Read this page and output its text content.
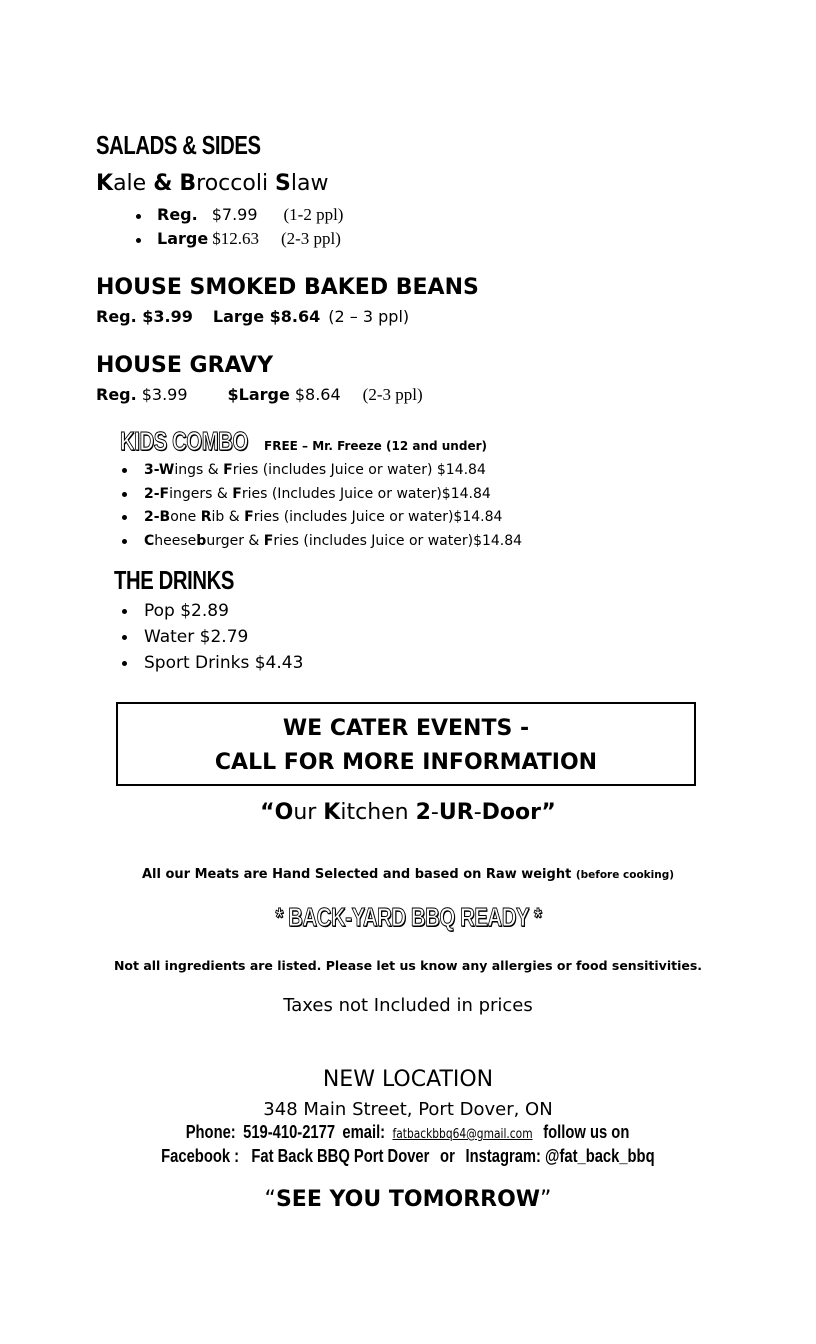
SALADS & SIDES
Kale & Broccoli Slaw
Reg. $7.99 (1-2 ppl)
Large $12.63 (2-3 ppl)
HOUSE SMOKED BAKED BEANS
Reg. $3.99 Large $8.64 (2 – 3 ppl)
HOUSE GRAVY
Reg. $3.99	$Large $8.64 (2-3 ppl)
KIDS COMBO FREE – Mr. Freeze (12 and under)
3-Wings & Fries (includes Juice or water) $14.84
2-Fingers & Fries (Includes Juice or water)$14.84
2-Bone Rib & Fries (includes Juice or water)$14.84
Cheeseburger & Fries (includes Juice or water)$14.84
THE DRINKS
Pop $2.89
Water $2.79
Sport Drinks $4.43
WE CATER EVENTS -
CALL FOR MORE INFORMATION
“Our Kitchen 2-UR-Door”
All our Meats are Hand Selected and based on Raw weight (before cooking)
* BACK-YARD BBQ READY *
Not all ingredients are listed. Please let us know any allergies or food sensitivities.
Taxes not Included in prices
NEW LOCATION
348 Main Street, Port Dover, ON
Phone: 519-410-2177 email: fatbackbbq64@gmail.com follow us on
Facebook : Fat Back BBQ Port Dover or Instagram: @fat_back_bbq
“SEE YOU TOMORROW”
